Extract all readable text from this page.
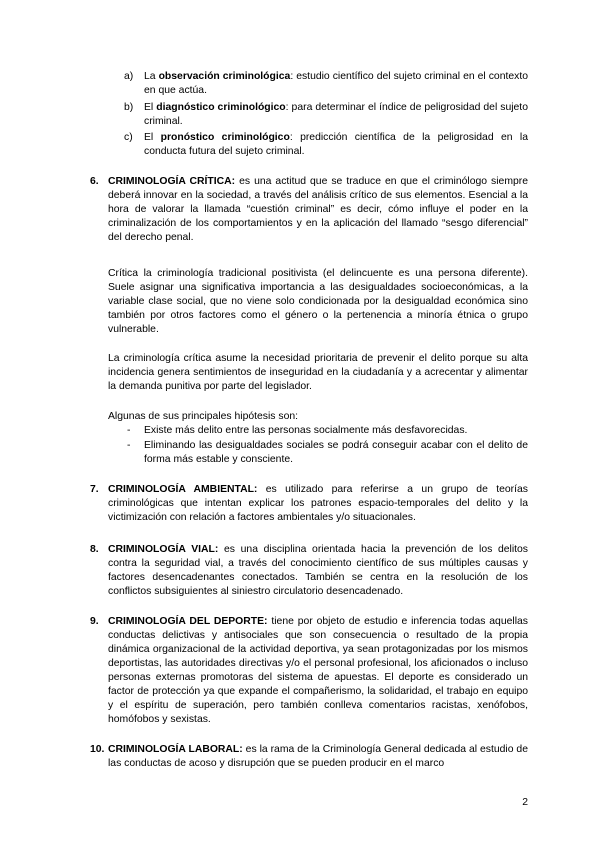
a) La observación criminológica: estudio científico del sujeto criminal en el contexto en que actúa.
b) El diagnóstico criminológico: para determinar el índice de peligrosidad del sujeto criminal.
c) El pronóstico criminológico: predicción científica de la peligrosidad en la conducta futura del sujeto criminal.
6. CRIMINOLOGÍA CRÍTICA: es una actitud que se traduce en que el criminólogo siempre deberá innovar en la sociedad, a través del análisis crítico de sus elementos. Esencial a la hora de valorar la llamada “cuestión criminal” es decir, cómo influye el poder en la criminalización de los comportamientos y en la aplicación del llamado “sesgo diferencial” del derecho penal.
Crítica la criminología tradicional positivista (el delincuente es una persona diferente). Suele asignar una significativa importancia a las desigualdades socioeconómicas, a la variable clase social, que no viene solo condicionada por la desigualdad económica sino también por otros factores como el género o la pertenencia a minoría étnica o grupo vulnerable.
La criminología crítica asume la necesidad prioritaria de prevenir el delito porque su alta incidencia genera sentimientos de inseguridad en la ciudadanía y a acrecentar y alimentar la demanda punitiva por parte del legislador.
Algunas de sus principales hipótesis son:
- Existe más delito entre las personas socialmente más desfavorecidas.
- Eliminando las desigualdades sociales se podrá conseguir acabar con el delito de forma más estable y consciente.
7. CRIMINOLOGÍA AMBIENTAL: es utilizado para referirse a un grupo de teorías criminológicas que intentan explicar los patrones espacio-temporales del delito y la victimización con relación a factores ambientales y/o situacionales.
8. CRIMINOLOGÍA VIAL: es una disciplina orientada hacia la prevención de los delitos contra la seguridad vial, a través del conocimiento científico de sus múltiples causas y factores desencadenantes conectados. También se centra en la resolución de los conflictos subsiguientes al siniestro circulatorio desencadenado.
9. CRIMINOLOGÍA DEL DEPORTE: tiene por objeto de estudio e inferencia todas aquellas conductas delictivas y antisociales que son consecuencia o resultado de la propia dinámica organizacional de la actividad deportiva, ya sean protagonizadas por los mismos deportistas, las autoridades directivas y/o el personal profesional, los aficionados o incluso personas externas promotoras del sistema de apuestas. El deporte es considerado un factor de protección ya que expande el compañerismo, la solidaridad, el trabajo en equipo y el espíritu de superación, pero también conlleva comentarios racistas, xenófobos, homófobos y sexistas.
10. CRIMINOLOGÍA LABORAL: es la rama de la Criminología General dedicada al estudio de las conductas de acoso y disrupción que se pueden producir en el marco
2
